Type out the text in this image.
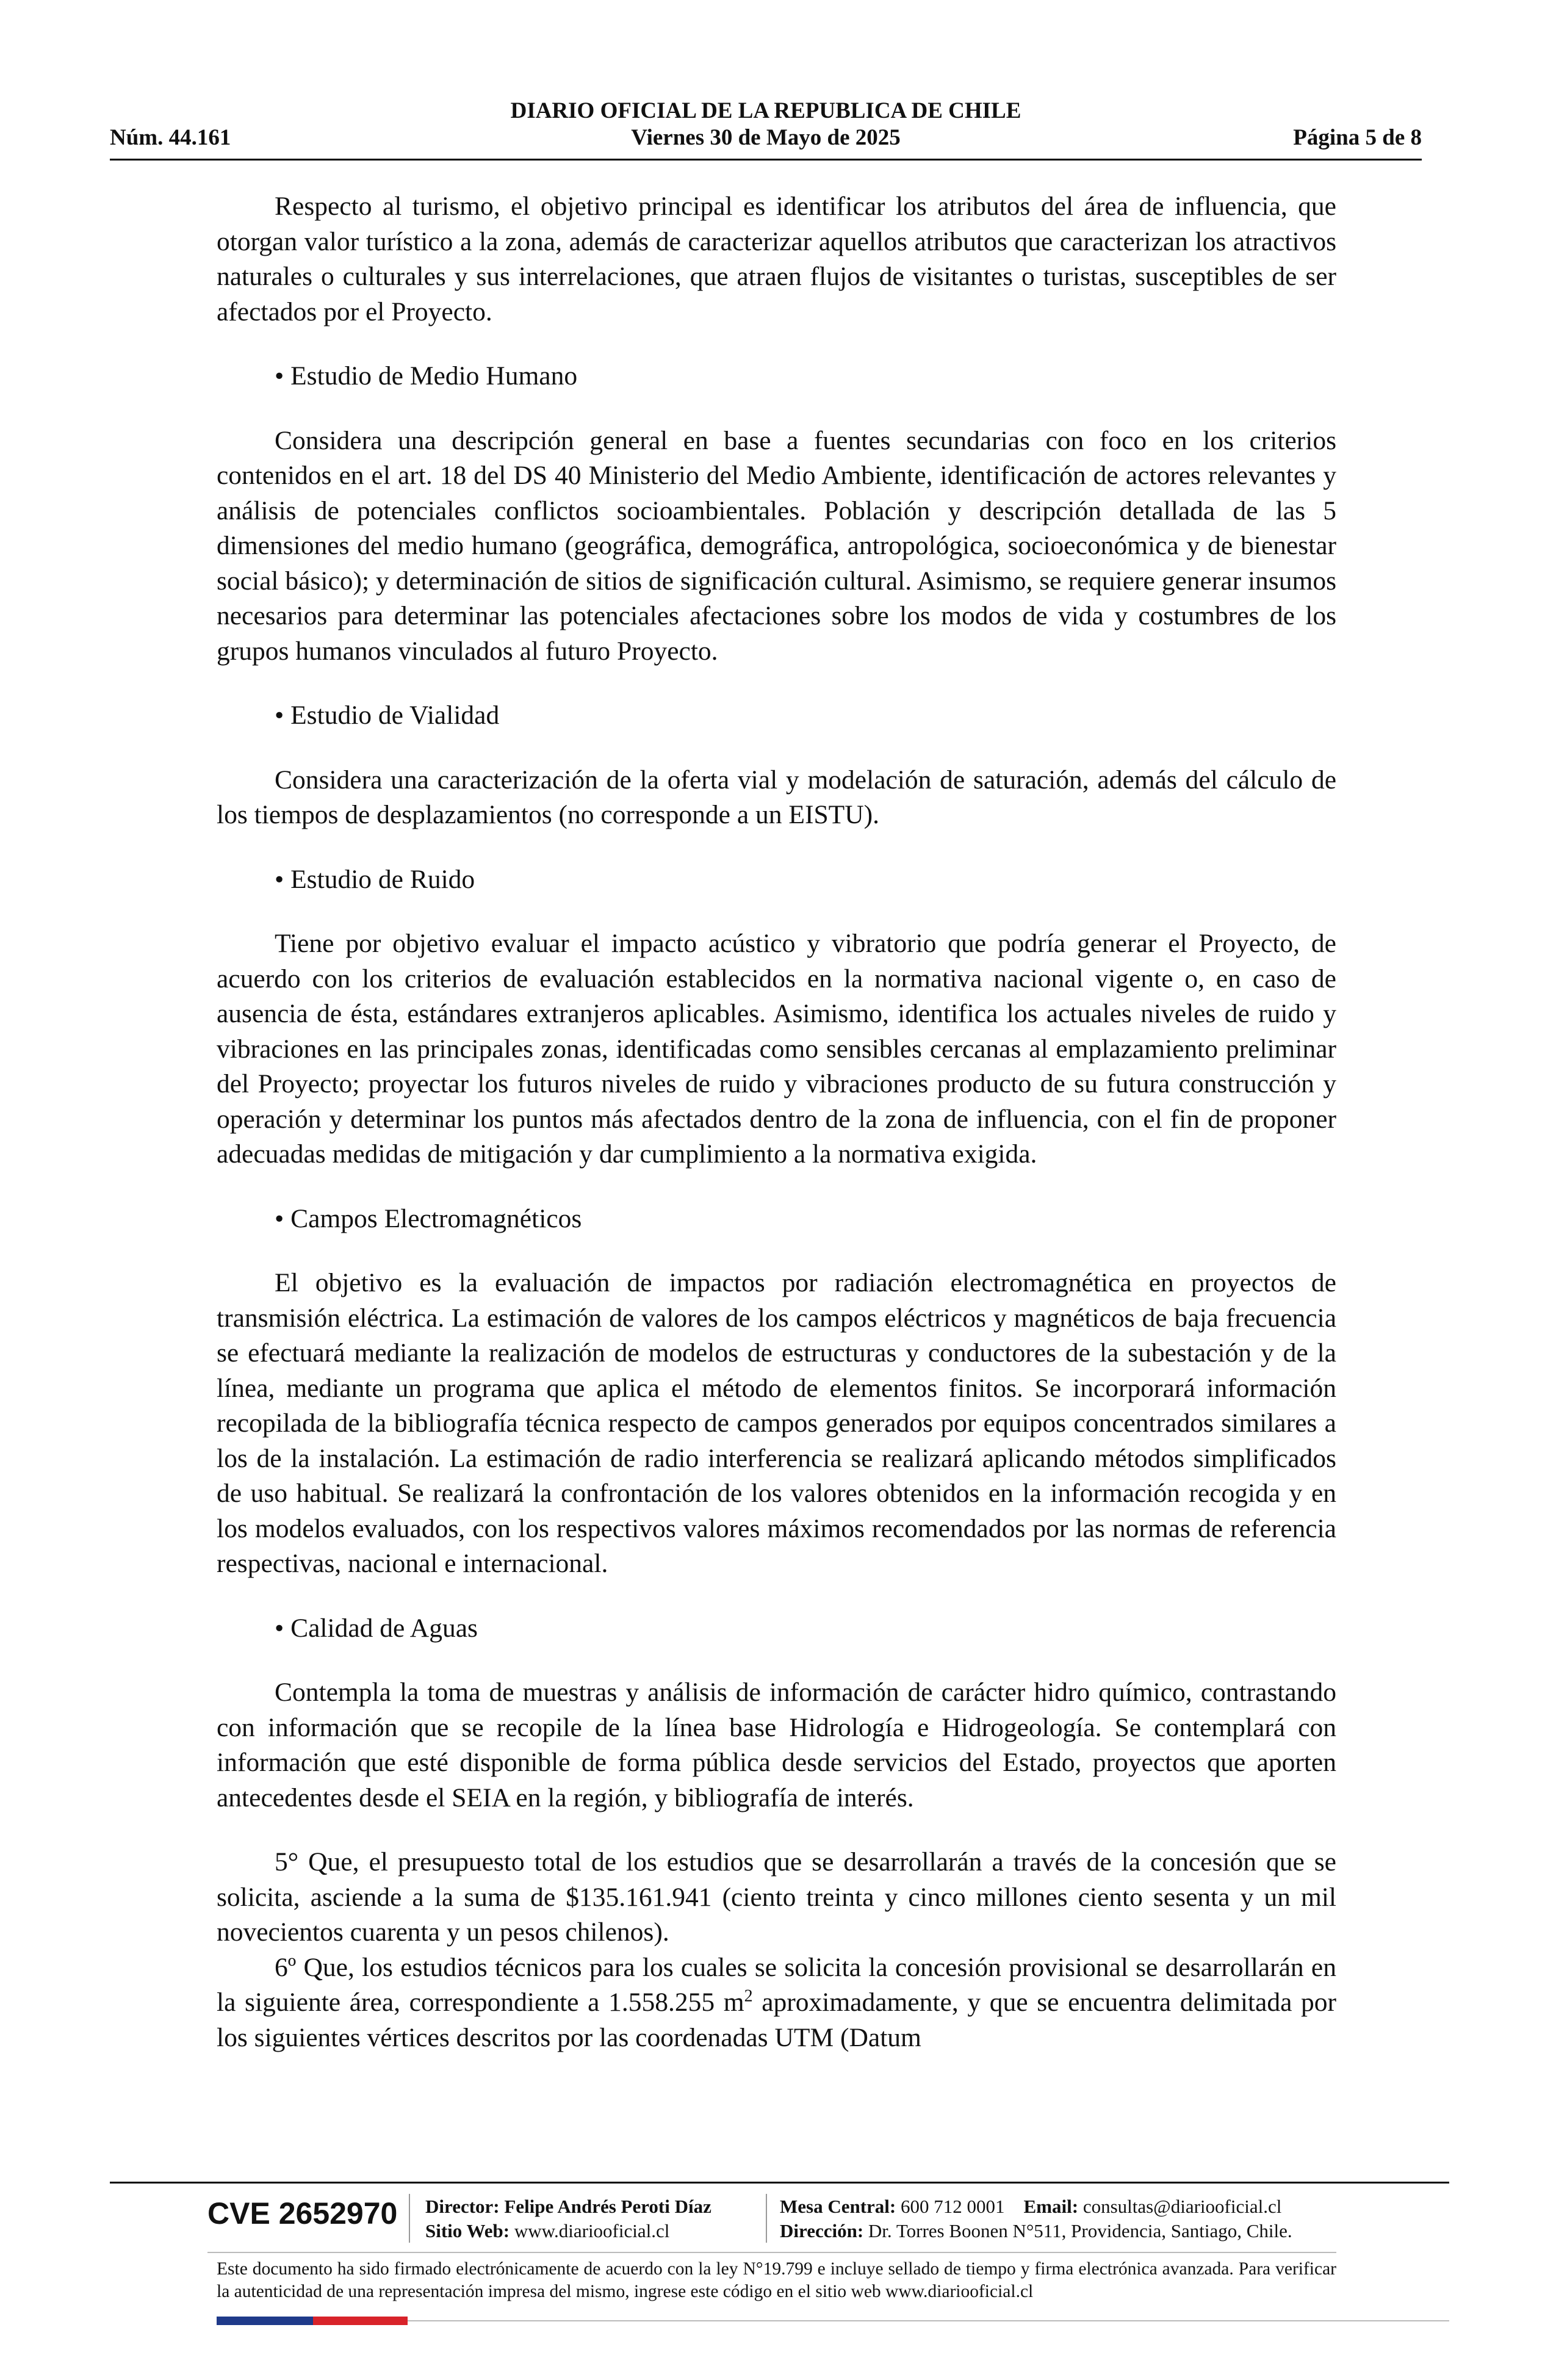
DIARIO OFICIAL DE LA REPUBLICA DE CHILE
Núm. 44.161	Viernes 30 de Mayo de 2025	Página 5 de 8

Respecto al turismo, el objetivo principal es identificar los atributos del área de influencia, que otorgan valor turístico a la zona, además de caracterizar aquellos atributos que caracterizan los atractivos naturales o culturales y sus interrelaciones, que atraen flujos de visitantes o turistas, susceptibles de ser afectados por el Proyecto.

• Estudio de Medio Humano

Considera una descripción general en base a fuentes secundarias con foco en los criterios contenidos en el art. 18 del DS 40 Ministerio del Medio Ambiente, identificación de actores relevantes y análisis de potenciales conflictos socioambientales. Población y descripción detallada de las 5 dimensiones del medio humano (geográfica, demográfica, antropológica, socioeconómica y de bienestar social básico); y determinación de sitios de significación cultural. Asimismo, se requiere generar insumos necesarios para determinar las potenciales afectaciones sobre los modos de vida y costumbres de los grupos humanos vinculados al futuro Proyecto.

• Estudio de Vialidad

Considera una caracterización de la oferta vial y modelación de saturación, además del cálculo de los tiempos de desplazamientos (no corresponde a un EISTU).

• Estudio de Ruido

Tiene por objetivo evaluar el impacto acústico y vibratorio que podría generar el Proyecto, de acuerdo con los criterios de evaluación establecidos en la normativa nacional vigente o, en caso de ausencia de ésta, estándares extranjeros aplicables. Asimismo, identifica los actuales niveles de ruido y vibraciones en las principales zonas, identificadas como sensibles cercanas al emplazamiento preliminar del Proyecto; proyectar los futuros niveles de ruido y vibraciones producto de su futura construcción y operación y determinar los puntos más afectados dentro de la zona de influencia, con el fin de proponer adecuadas medidas de mitigación y dar cumplimiento a la normativa exigida.

• Campos Electromagnéticos

El objetivo es la evaluación de impactos por radiación electromagnética en proyectos de transmisión eléctrica. La estimación de valores de los campos eléctricos y magnéticos de baja frecuencia se efectuará mediante la realización de modelos de estructuras y conductores de la subestación y de la línea, mediante un programa que aplica el método de elementos finitos. Se incorporará información recopilada de la bibliografía técnica respecto de campos generados por equipos concentrados similares a los de la instalación. La estimación de radio interferencia se realizará aplicando métodos simplificados de uso habitual. Se realizará la confrontación de los valores obtenidos en la información recogida y en los modelos evaluados, con los respectivos valores máximos recomendados por las normas de referencia respectivas, nacional e internacional.

• Calidad de Aguas

Contempla la toma de muestras y análisis de información de carácter hidro químico, contrastando con información que se recopile de la línea base Hidrología e Hidrogeología. Se contemplará con información que esté disponible de forma pública desde servicios del Estado, proyectos que aporten antecedentes desde el SEIA en la región, y bibliografía de interés.

5° Que, el presupuesto total de los estudios que se desarrollarán a través de la concesión que se solicita, asciende a la suma de $135.161.941 (ciento treinta y cinco millones ciento sesenta y un mil novecientos cuarenta y un pesos chilenos).

6º Que, los estudios técnicos para los cuales se solicita la concesión provisional se desarrollarán en la siguiente área, correspondiente a 1.558.255 $m^2$ aproximadamente, y que se encuentra delimitada por los siguientes vértices descritos por las coordenadas UTM (Datum

CVE 2652970 Director: Felipe Andrés Peroti Díaz
Sitio Web: www.diariooficial.cl
Mesa Central: 600 712 0001 Email: consultas@diariooficial.cl
Dirección: Dr. Torres Boonen N°511, Providencia, Santiago, Chile.
Este documento ha sido firmado electrónicamente de acuerdo con la ley N°19.799 e incluye sellado de tiempo y firma electrónica avanzada. Para verificar la autenticidad de una representación impresa del mismo, ingrese este código en el sitio web www.diariooficial.cl
